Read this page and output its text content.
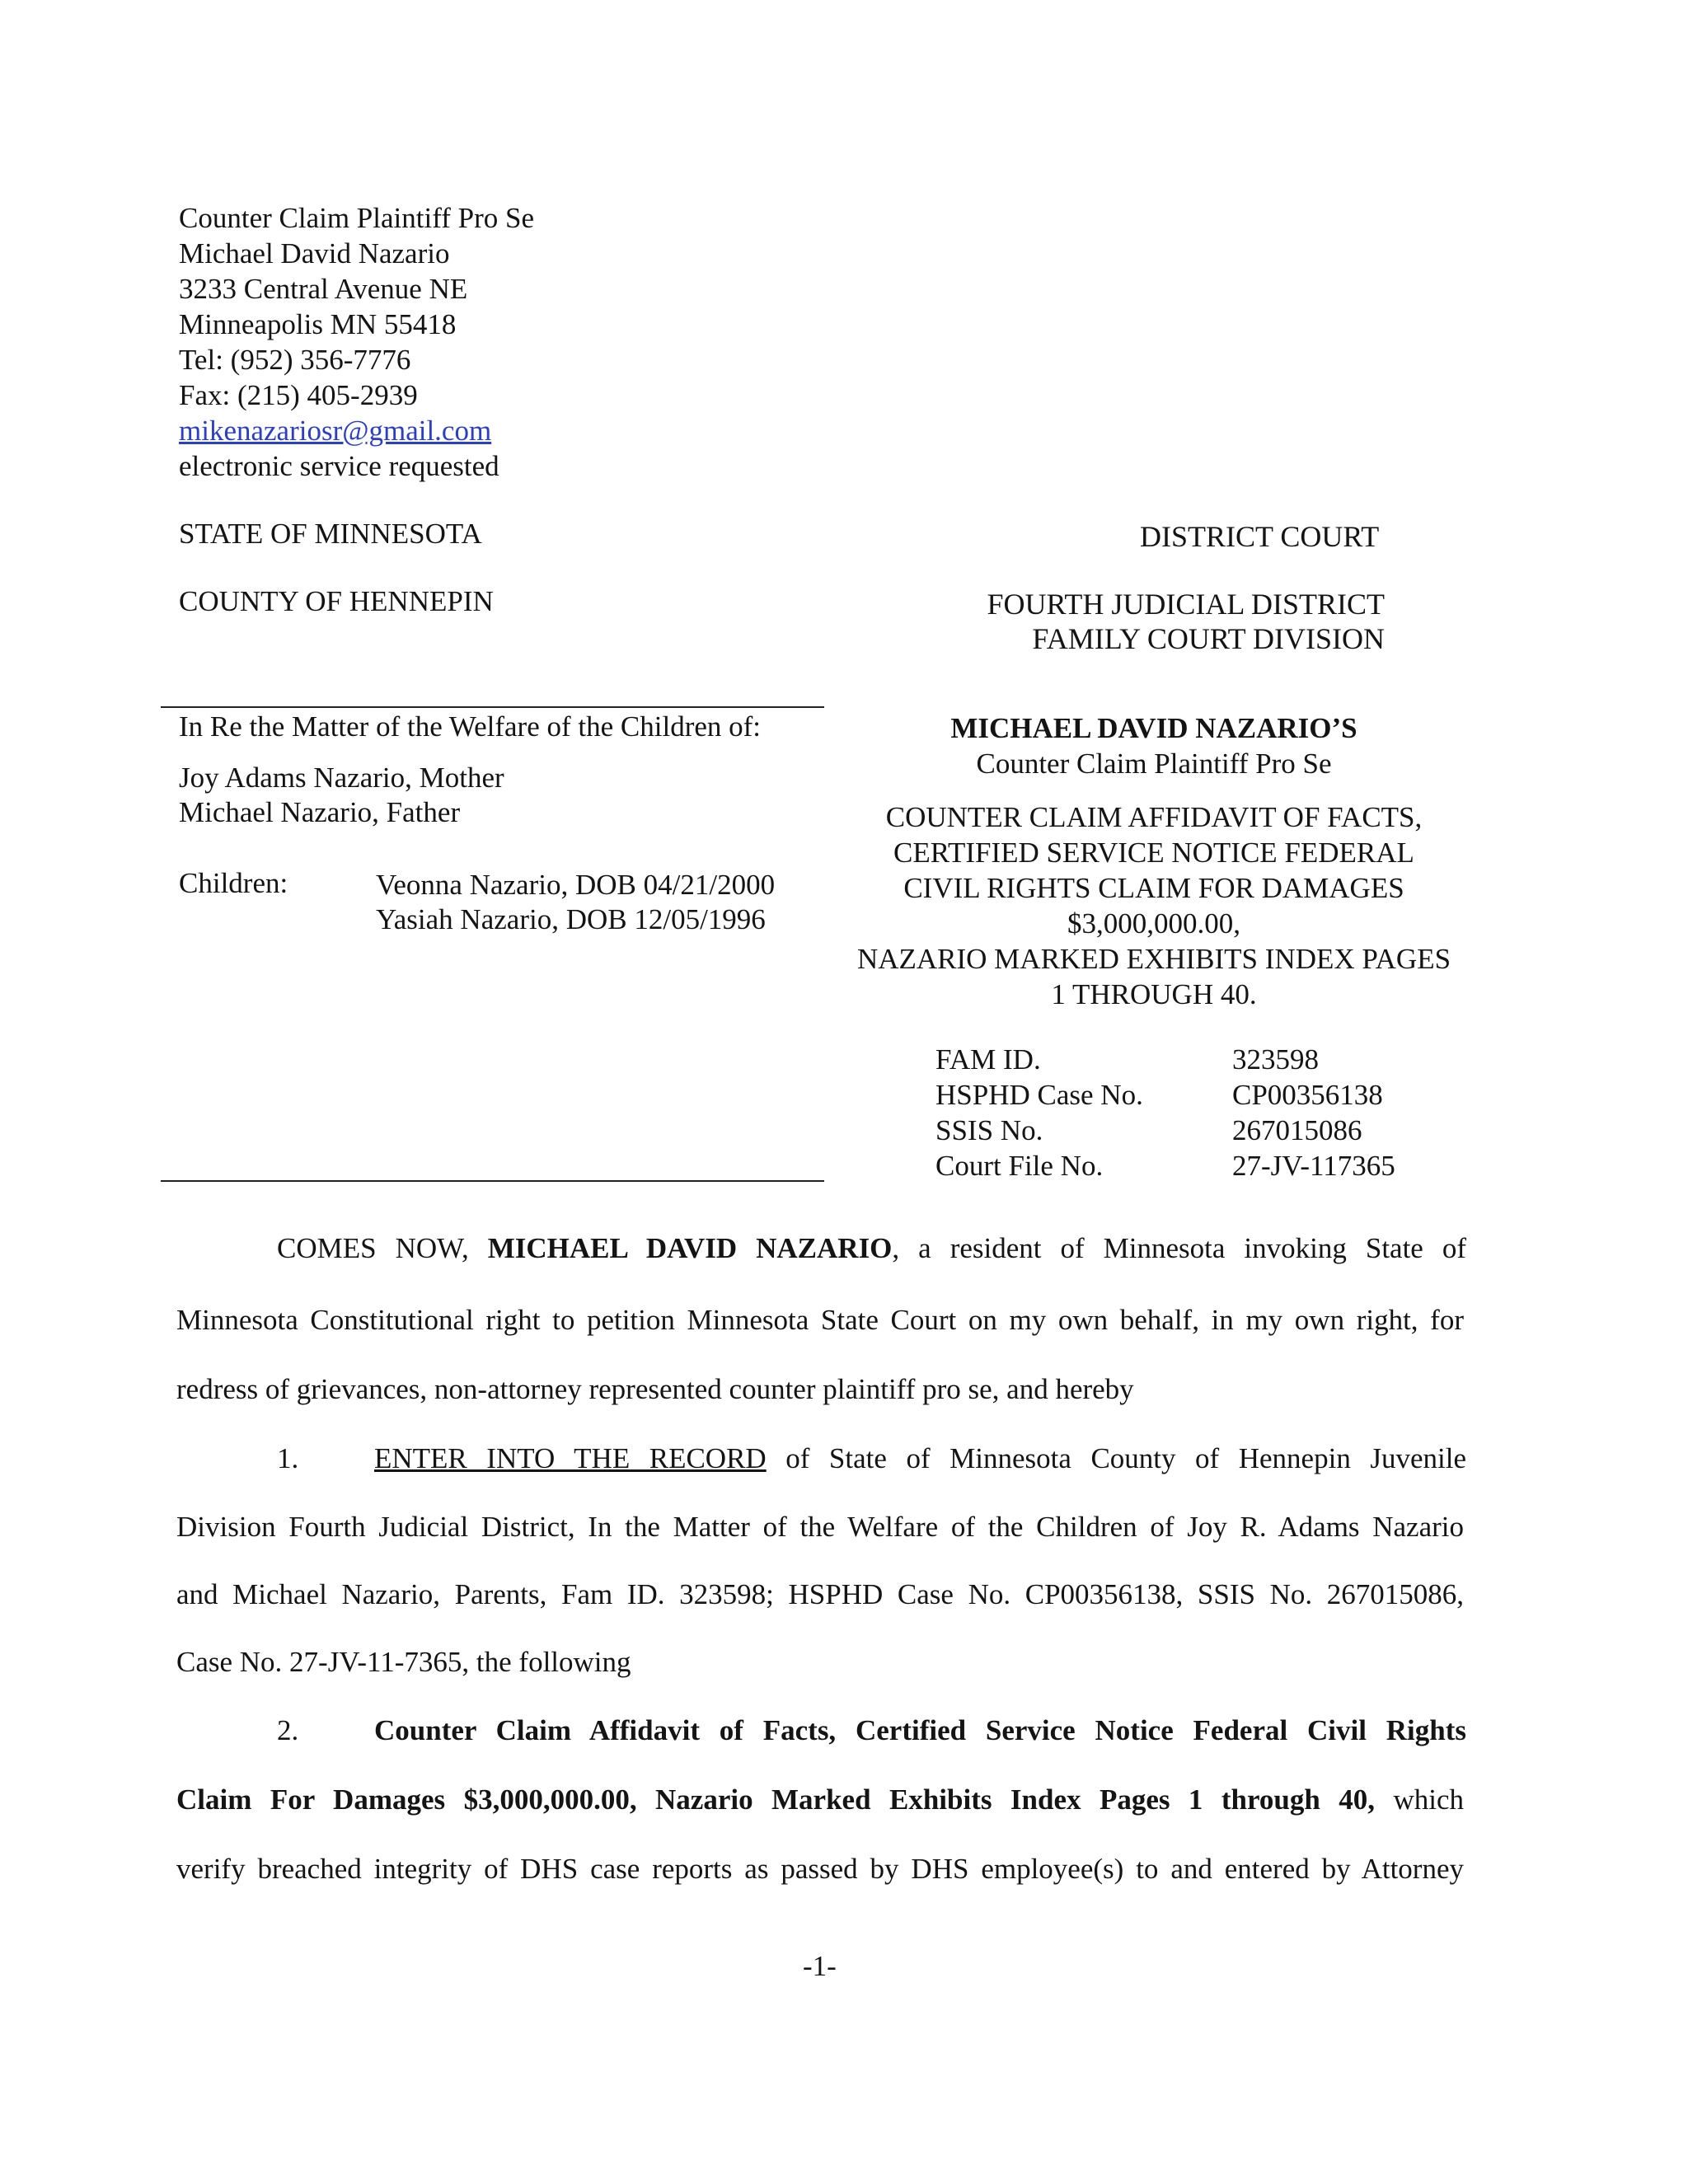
Counter Claim Plaintiff Pro Se
Michael David Nazario
3233 Central Avenue NE
Minneapolis MN 55418
Tel: (952) 356-7776
Fax: (215) 405-2939
mikenazariosr@gmail.com
electronic service requested
STATE OF MINNESOTA
COUNTY OF HENNEPIN
DISTRICT COURT
FOURTH JUDICIAL DISTRICT
FAMILY COURT DIVISION
In Re the Matter of the Welfare of the Children of:
Joy Adams Nazario, Mother
Michael Nazario, Father
Children:	Veonna Nazario, DOB 04/21/2000
Yasiah Nazario, DOB 12/05/1996
MICHAEL DAVID NAZARIO’S
Counter Claim Plaintiff Pro Se
COUNTER CLAIM AFFIDAVIT OF FACTS,
CERTIFIED SERVICE NOTICE FEDERAL
CIVIL RIGHTS CLAIM FOR DAMAGES
$3,000,000.00,
NAZARIO MARKED EXHIBITS INDEX PAGES
1 THROUGH 40.
FAM ID.	323598
HSPHD Case No.	CP00356138
SSIS No.	267015086
Court File No.	27-JV-117365
COMES NOW, MICHAEL DAVID NAZARIO, a resident of Minnesota invoking State of
Minnesota Constitutional right to petition Minnesota State Court on my own behalf, in my own right, for
redress of grievances, non-attorney represented counter plaintiff pro se, and hereby
1.	ENTER INTO THE RECORD of State of Minnesota County of Hennepin Juvenile
Division Fourth Judicial District, In the Matter of the Welfare of the Children of Joy R. Adams Nazario
and Michael Nazario, Parents, Fam ID. 323598; HSPHD Case No. CP00356138, SSIS No. 267015086,
Case No. 27-JV-11-7365, the following
2.	Counter Claim Affidavit of Facts, Certified Service Notice Federal Civil Rights
Claim For Damages $3,000,000.00, Nazario Marked Exhibits Index Pages 1 through 40, which
verify breached integrity of DHS case reports as passed by DHS employee(s) to and entered by Attorney
-1-
